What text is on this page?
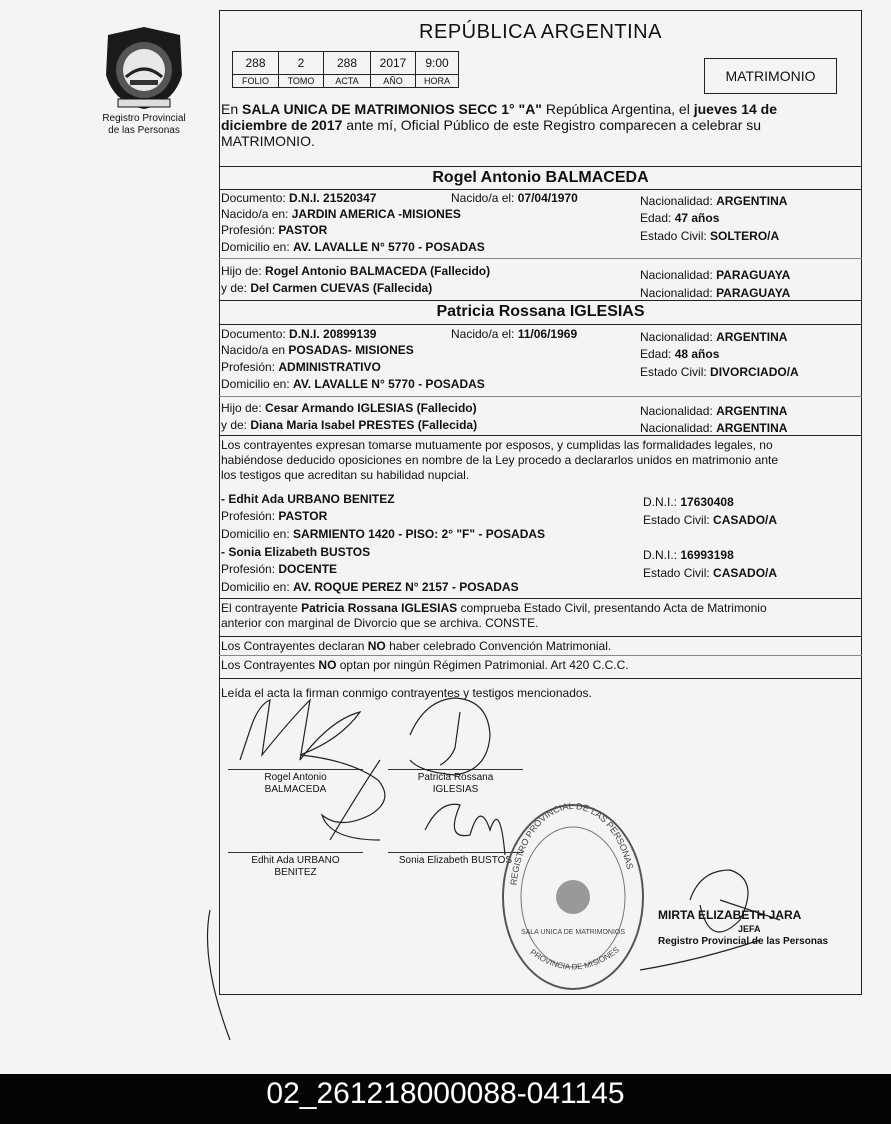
Registro Provincial
de las Personas
REPÚBLICA ARGENTINA
288	2	288	2017	9:00
FOLIO	TOMO	ACTA	AÑO	HORA	MATRIMONIO
En SALA UNICA DE MATRIMONIOS SECC 1° "A" República Argentina, el jueves 14 de
diciembre de 2017 ante mí, Oficial Público de este Registro comparecen a celebrar su
MATRIMONIO.
Rogel Antonio BALMACEDA
Documento: D.N.I. 21520347	Nacido/a el: 07/04/1970
Nacido/a en: JARDIN AMERICA -MISIONES
Profesión: PASTOR
Domicilio en: AV. LAVALLE N° 5770 - POSADAS
Nacionalidad: ARGENTINA
Edad: 47 años
Estado Civil: SOLTERO/A
Hijo de: Rogel Antonio BALMACEDA (Fallecido)
y de: Del Carmen CUEVAS (Fallecida)
Nacionalidad: PARAGUAYA
Nacionalidad: PARAGUAYA
Patricia Rossana IGLESIAS
Documento: D.N.I. 20899139	Nacido/a el: 11/06/1969
Nacido/a en POSADAS- MISIONES
Profesión: ADMINISTRATIVO
Domicilio en: AV. LAVALLE N° 5770 - POSADAS
Nacionalidad: ARGENTINA
Edad: 48 años
Estado Civil: DIVORCIADO/A
Hijo de: Cesar Armando IGLESIAS (Fallecido)
y de: Diana Maria Isabel PRESTES (Fallecida)
Nacionalidad: ARGENTINA
Nacionalidad: ARGENTINA
Los contrayentes expresan tomarse mutuamente por esposos, y cumplidas las formalidades legales, no
habiéndose deducido oposiciones en nombre de la Ley procedo a declararlos unidos en matrimonio ante
los testigos que acreditan su habilidad nupcial.
- Edhit Ada URBANO BENITEZ
Profesión: PASTOR
Domicilio en: SARMIENTO 1420 - PISO: 2° "F" - POSADAS
D.N.I.: 17630408
Estado Civil: CASADO/A
- Sonia Elizabeth BUSTOS
Profesión: DOCENTE
Domicilio en: AV. ROQUE PEREZ N° 2157 - POSADAS
D.N.I.: 16993198
Estado Civil: CASADO/A
El contrayente Patricia Rossana IGLESIAS comprueba Estado Civil, presentando Acta de Matrimonio
anterior con marginal de Divorcio que se archiva. CONSTE.
Los Contrayentes declaran NO haber celebrado Convención Matrimonial.
Los Contrayentes NO optan por ningún Régimen Patrimonial. Art 420 C.C.C.
Leída el acta la firman conmigo contrayentes y testigos mencionados.
Rogel Antonio
BALMACEDA
Patricia Rossana
IGLESIAS
Edhit Ada URBANO
BENITEZ
Sonia Elizabeth BUSTOS
REGISTRO PROVINCIAL DE LAS PERSONAS
PROVINCIA DE MISIONES
SALA UNICA DE MATRIMONIOS
MIRTA ELIZABETH JARA
JEFA
Registro Provincial de las Personas
02_261218000088-041145
